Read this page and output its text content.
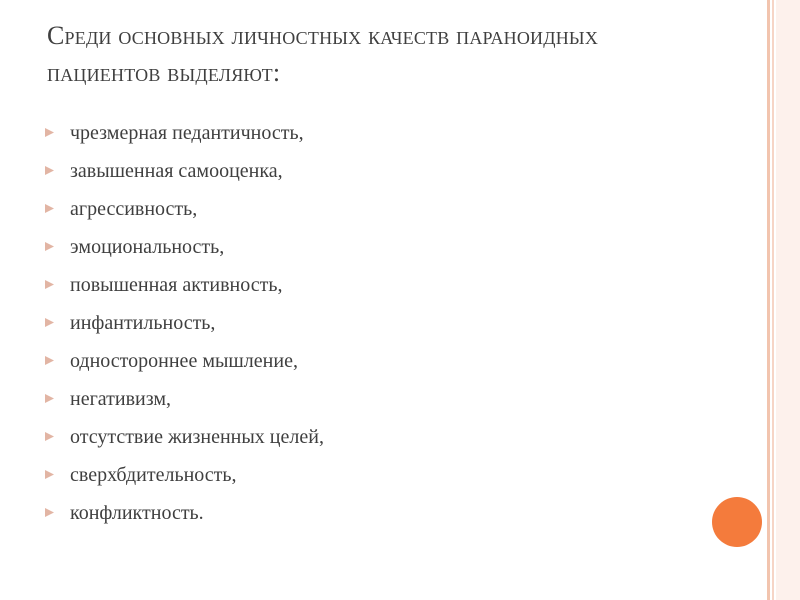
Среди основных личностных качеств параноидных
пациентов выделяют:
чрезмерная педантичность,
завышенная самооценка,
агрессивность,
эмоциональность,
повышенная активность,
инфантильность,
одностороннее мышление,
негативизм,
отсутствие жизненных целей,
сверхбдительность,
конфликтность.
